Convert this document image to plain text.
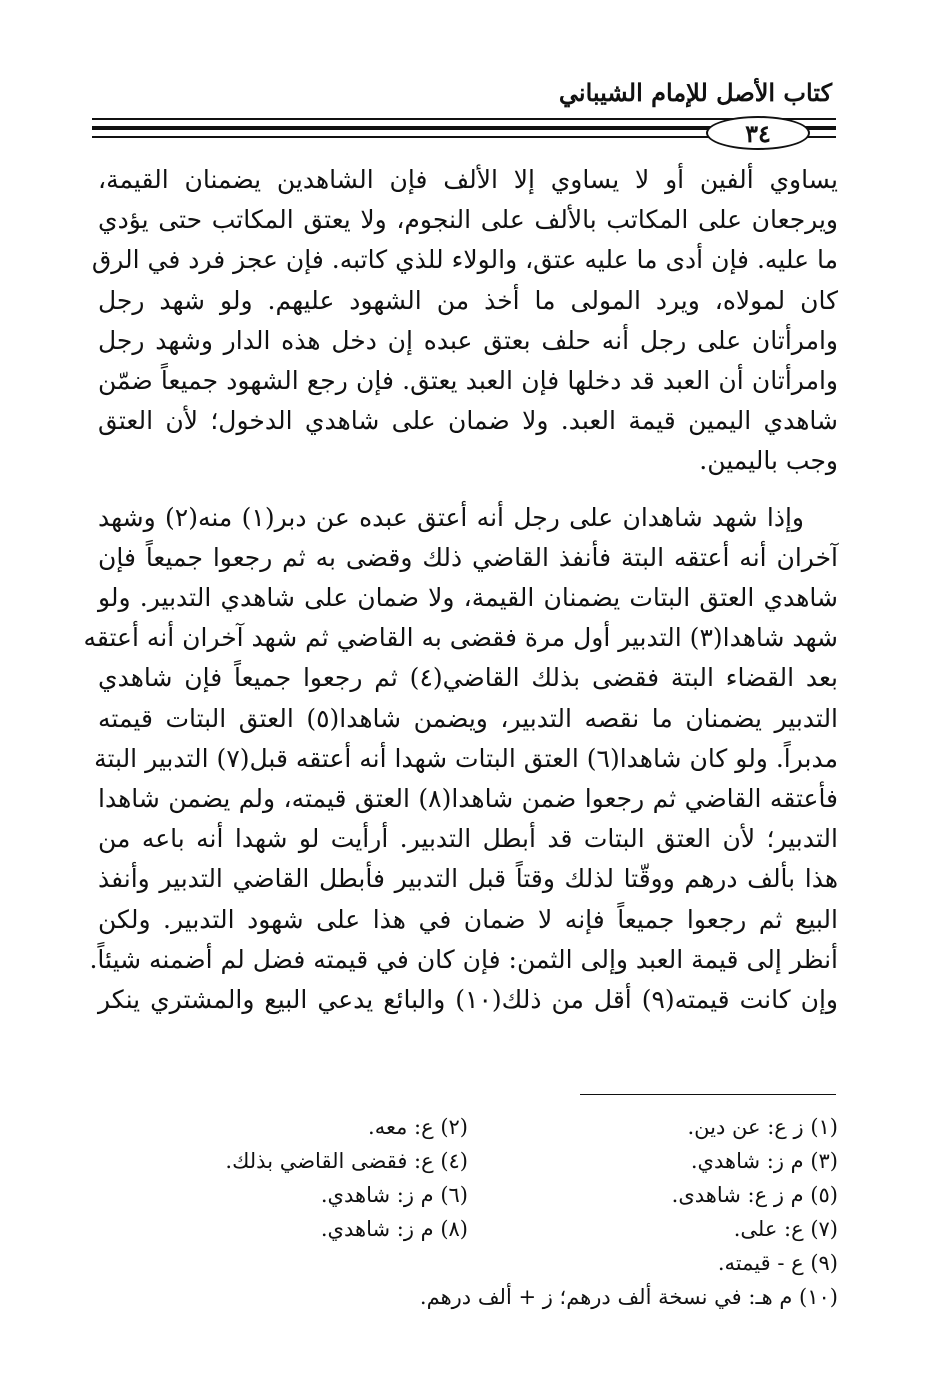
كتاب الأصل للإمام الشيباني
٣٤
يساوي ألفين أو لا يساوي إلا الألف فإن الشاهدين يضمنان القيمة،
ويرجعان على المكاتب بالألف على النجوم، ولا يعتق المكاتب حتى يؤدي
ما عليه. فإن أدى ما عليه عتق، والولاء للذي كاتبه. فإن عجز فرد في الرق
كان لمولاه، ويرد المولى ما أخذ من الشهود عليهم. ولو شهد رجل
وامرأتان على رجل أنه حلف بعتق عبده إن دخل هذه الدار وشهد رجل
وامرأتان أن العبد قد دخلها فإن العبد يعتق. فإن رجع الشهود جميعاً ضمّن
شاهدي اليمين قيمة العبد. ولا ضمان على شاهدي الدخول؛ لأن العتق
وجب باليمين.
وإذا شهد شاهدان على رجل أنه أعتق عبده عن دبر(١) منه(٢) وشهد
آخران أنه أعتقه البتة فأنفذ القاضي ذلك وقضى به ثم رجعوا جميعاً فإن
شاهدي العتق البتات يضمنان القيمة، ولا ضمان على شاهدي التدبير. ولو
شهد شاهدا(٣) التدبير أول مرة فقضى به القاضي ثم شهد آخران أنه أعتقه
بعد القضاء البتة فقضى بذلك القاضي(٤) ثم رجعوا جميعاً فإن شاهدي
التدبير يضمنان ما نقصه التدبير، ويضمن شاهدا(٥) العتق البتات قيمته
مدبراً. ولو كان شاهدا(٦) العتق البتات شهدا أنه أعتقه قبل(٧) التدبير البتة
فأعتقه القاضي ثم رجعوا ضمن شاهدا(٨) العتق قيمته، ولم يضمن شاهدا
التدبير؛ لأن العتق البتات قد أبطل التدبير. أرأيت لو شهدا أنه باعه من
هذا بألف درهم ووقّتا لذلك وقتاً قبل التدبير فأبطل القاضي التدبير وأنفذ
البيع ثم رجعوا جميعاً فإنه لا ضمان في هذا على شهود التدبير. ولكن
أنظر إلى قيمة العبد وإلى الثمن: فإن كان في قيمته فضل لم أضمنه شيئاً.
وإن كانت قيمته(٩) أقل من ذلك(١٠) والبائع يدعي البيع والمشتري ينكر
(١) ز ع: عن دين.
(٢) ع: معه.
(٣) م ز: شاهدي.
(٤) ع: فقضى القاضي بذلك.
(٥) م ز ع: شاهدى.
(٦) م ز: شاهدي.
(٧) ع: على.
(٨) م ز: شاهدي.
(٩) ع - قيمته.
(١٠) م هـ: في نسخة ألف درهم؛ ز + ألف درهم.
